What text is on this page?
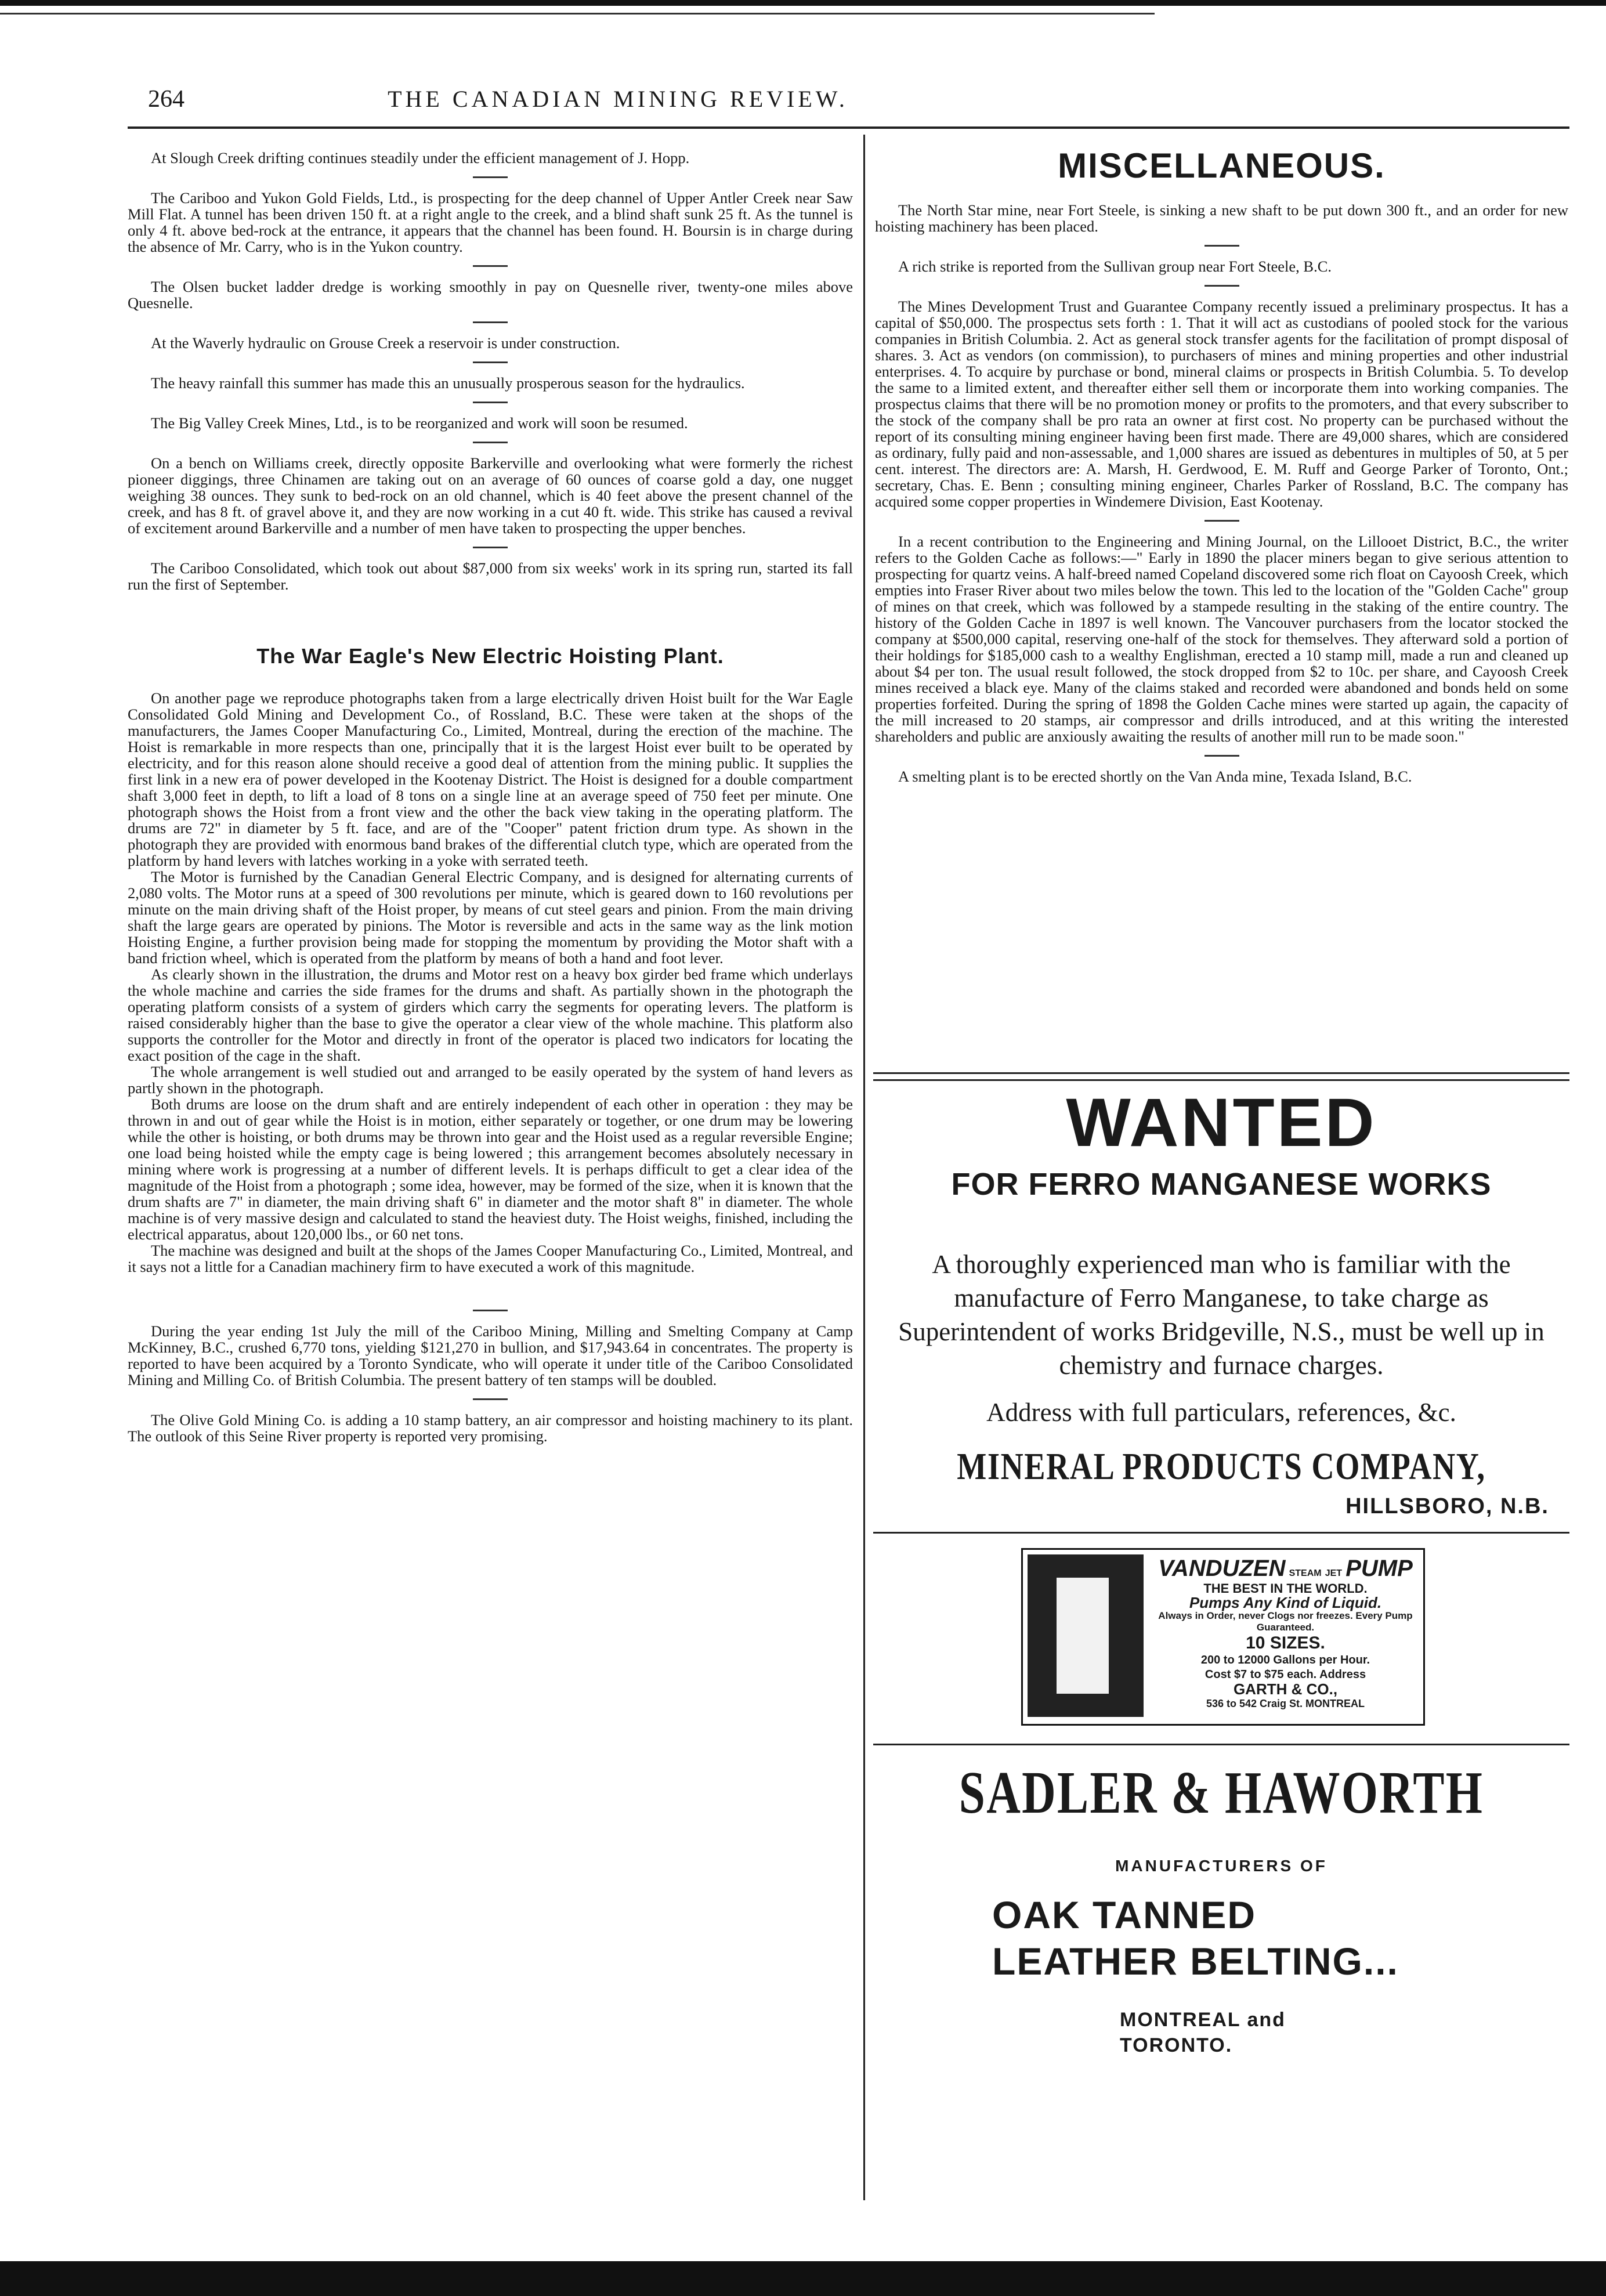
264	THE CANADIAN MINING REVIEW.

At Slough Creek drifting continues steadily under the efficient management of J. Hopp.

The Cariboo and Yukon Gold Fields, Ltd., is prospecting for the deep channel of Upper Antler Creek near Saw Mill Flat. A tunnel has been driven 150 ft. at a right angle to the creek, and a blind shaft sunk 25 ft. As the tunnel is only 4 ft. above bed-rock at the entrance, it appears that the channel has been found. H. Boursin is in charge during the absence of Mr. Carry, who is in the Yukon country.

The Olsen bucket ladder dredge is working smoothly in pay on Quesnelle river, twenty-one miles above Quesnelle.

At the Waverly hydraulic on Grouse Creek a reservoir is under construction.

The heavy rainfall this summer has made this an unusually prosperous season for the hydraulics.

The Big Valley Creek Mines, Ltd., is to be reorganized and work will soon be resumed.

On a bench on Williams creek, directly opposite Barkerville and overlooking what were formerly the richest pioneer diggings, three Chinamen are taking out on an average of 60 ounces of coarse gold a day, one nugget weighing 38 ounces. They sunk to bed-rock on an old channel, which is 40 feet above the present channel of the creek, and has 8 ft. of gravel above it, and they are now working in a cut 40 ft. wide. This strike has caused a revival of excitement around Barkerville and a number of men have taken to prospecting the upper benches.

The Cariboo Consolidated, which took out about $87,000 from six weeks' work in its spring run, started its fall run the first of September.

The War Eagle's New Electric Hoisting Plant.

On another page we reproduce photographs taken from a large electrically driven Hoist built for the War Eagle Consolidated Gold Mining and Development Co., of Rossland, B.C. These were taken at the shops of the manufacturers, the James Cooper Manufacturing Co., Limited, Montreal, during the erection of the machine. The Hoist is remarkable in more respects than one, principally that it is the largest Hoist ever built to be operated by electricity, and for this reason alone should receive a good deal of attention from the mining public. It supplies the first link in a new era of power developed in the Kootenay District. The Hoist is designed for a double compartment shaft 3,000 feet in depth, to lift a load of 8 tons on a single line at an average speed of 750 feet per minute. One photograph shows the Hoist from a front view and the other the back view taking in the operating platform. The drums are 72" in diameter by 5 ft. face, and are of the "Cooper" patent friction drum type. As shown in the photograph they are provided with enormous band brakes of the differential clutch type, which are operated from the platform by hand levers with latches working in a yoke with serrated teeth.

The Motor is furnished by the Canadian General Electric Company, and is designed for alternating currents of 2,080 volts. The Motor runs at a speed of 300 revolutions per minute, which is geared down to 160 revolutions per minute on the main driving shaft of the Hoist proper, by means of cut steel gears and pinion. From the main driving shaft the large gears are operated by pinions. The Motor is reversible and acts in the same way as the link motion Hoisting Engine, a further provision being made for stopping the momentum by providing the Motor shaft with a band friction wheel, which is operated from the platform by means of both a hand and foot lever.

As clearly shown in the illustration, the drums and Motor rest on a heavy box girder bed frame which underlays the whole machine and carries the side frames for the drums and shaft. As partially shown in the photograph the operating platform consists of a system of girders which carry the segments for operating levers. The platform is raised considerably higher than the base to give the operator a clear view of the whole machine. This platform also supports the controller for the Motor and directly in front of the operator is placed two indicators for locating the exact position of the cage in the shaft.

The whole arrangement is well studied out and arranged to be easily operated by the system of hand levers as partly shown in the photograph.

Both drums are loose on the drum shaft and are entirely independent of each other in operation : they may be thrown in and out of gear while the Hoist is in motion, either separately or together, or one drum may be lowering while the other is hoisting, or both drums may be thrown into gear and the Hoist used as a regular reversible Engine; one load being hoisted while the empty cage is being lowered ; this arrangement becomes absolutely necessary in mining where work is progressing at a number of different levels. It is perhaps difficult to get a clear idea of the magnitude of the Hoist from a photograph ; some idea, however, may be formed of the size, when it is known that the drum shafts are 7" in diameter, the main driving shaft 6" in diameter and the motor shaft 8" in diameter. The whole machine is of very massive design and calculated to stand the heaviest duty. The Hoist weighs, finished, including the electrical apparatus, about 120,000 lbs., or 60 net tons.

The machine was designed and built at the shops of the James Cooper Manufacturing Co., Limited, Montreal, and it says not a little for a Canadian machinery firm to have executed a work of this magnitude.

During the year ending 1st July the mill of the Cariboo Mining, Milling and Smelting Company at Camp McKinney, B.C., crushed 6,770 tons, yielding $121,270 in bullion, and $17,943.64 in concentrates. The property is reported to have been acquired by a Toronto Syndicate, who will operate it under title of the Cariboo Consolidated Mining and Milling Co. of British Columbia. The present battery of ten stamps will be doubled.

The Olive Gold Mining Co. is adding a 10 stamp battery, an air compressor and hoisting machinery to its plant. The outlook of this Seine River property is reported very promising.

MISCELLANEOUS.

The North Star mine, near Fort Steele, is sinking a new shaft to be put down 300 ft., and an order for new hoisting machinery has been placed.

A rich strike is reported from the Sullivan group near Fort Steele, B.C.

The Mines Development Trust and Guarantee Company recently issued a preliminary prospectus. It has a capital of $50,000. The prospectus sets forth : 1. That it will act as custodians of pooled stock for the various companies in British Columbia. 2. Act as general stock transfer agents for the facilitation of prompt disposal of shares. 3. Act as vendors (on commission), to purchasers of mines and mining properties and other industrial enterprises. 4. To acquire by purchase or bond, mineral claims or prospects in British Columbia. 5. To develop the same to a limited extent, and thereafter either sell them or incorporate them into working companies. The prospectus claims that there will be no promotion money or profits to the promoters, and that every subscriber to the stock of the company shall be pro rata an owner at first cost. No property can be purchased without the report of its consulting mining engineer having been first made. There are 49,000 shares, which are considered as ordinary, fully paid and non-assessable, and 1,000 shares are issued as debentures in multiples of 50, at 5 per cent. interest. The directors are: A. Marsh, H. Gerdwood, E. M. Ruff and George Parker of Toronto, Ont.; secretary, Chas. E. Benn ; consulting mining engineer, Charles Parker of Rossland, B.C. The company has acquired some copper properties in Windemere Division, East Kootenay.

In a recent contribution to the Engineering and Mining Journal, on the Lillooet District, B.C., the writer refers to the Golden Cache as follows:—" Early in 1890 the placer miners began to give serious attention to prospecting for quartz veins. A half-breed named Copeland discovered some rich float on Cayoosh Creek, which empties into Fraser River about two miles below the town. This led to the location of the "Golden Cache" group of mines on that creek, which was followed by a stampede resulting in the staking of the entire country. The history of the Golden Cache in 1897 is well known. The Vancouver purchasers from the locator stocked the company at $500,000 capital, reserving one-half of the stock for themselves. They afterward sold a portion of their holdings for $185,000 cash to a wealthy Englishman, erected a 10 stamp mill, made a run and cleaned up about $4 per ton. The usual result followed, the stock dropped from $2 to 10c. per share, and Cayoosh Creek mines received a black eye. Many of the claims staked and recorded were abandoned and bonds held on some properties forfeited. During the spring of 1898 the Golden Cache mines were started up again, the capacity of the mill increased to 20 stamps, air compressor and drills introduced, and at this writing the interested shareholders and public are anxiously awaiting the results of another mill run to be made soon."

A smelting plant is to be erected shortly on the Van Anda mine, Texada Island, B.C.

WANTED
FOR FERRO MANGANESE WORKS
A thoroughly experienced man who is familiar with the manufacture of Ferro Manganese, to take charge as Superintendent of works Bridgeville, N.S., must be well up in chemistry and furnace charges.
Address with full particulars, references, &c.
MINERAL PRODUCTS COMPANY,
HILLSBORO, N.B.
VANDUZEN STEAM JET PUMP
THE BEST IN THE WORLD.
Pumps Any Kind of Liquid.
Always in Order, never Clogs nor freezes. Every Pump Guaranteed.
10 SIZES.
200 to 12000 Gallons per Hour.
Cost $7 to $75 each. Address
GARTH & CO.,
536 to 542 Craig St. MONTREAL
SADLER & HAWORTH
MANUFACTURERS OF
OAK TANNED
LEATHER BELTING...
MONTREAL and
TORONTO.
